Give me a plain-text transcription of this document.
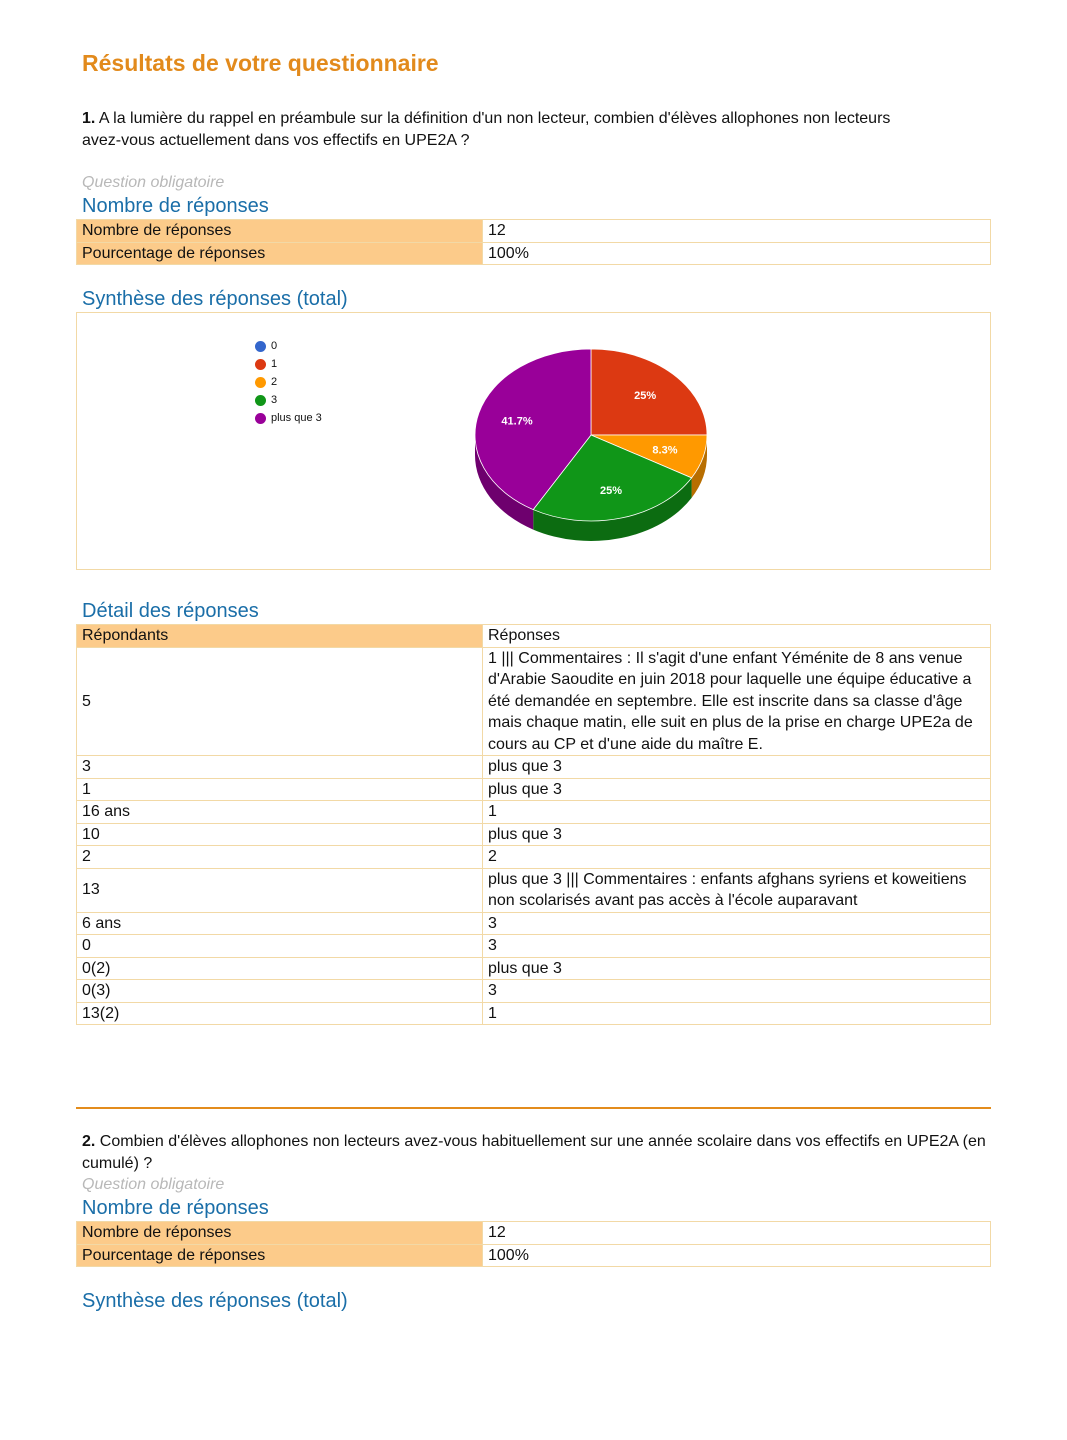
Résultats de votre questionnaire
1. A la lumière du rappel en préambule sur la définition d'un non lecteur, combien d'élèves allophones non lecteurs
avez-vous actuellement dans vos effectifs en UPE2A ?
Question obligatoire
Nombre de réponses
Nombre de réponses	12
Pourcentage de réponses	100%
Synthèse des réponses (total)
0
1
2
3
plus que 3
25%
8.3%
25%
41.7%
Détail des réponses
Répondants	Réponses
5	1 ||| Commentaires : Il s'agit d'une enfant Yéménite de 8 ans venue d'Arabie Saoudite en juin 2018 pour laquelle une équipe éducative a été demandée en septembre. Elle est inscrite dans sa classe d'âge mais chaque matin, elle suit en plus de la prise en charge UPE2a de cours au CP et d'une aide du maître E.
3	plus que 3
1	plus que 3
16 ans	1
10	plus que 3
2	2
13	plus que 3 ||| Commentaires : enfants afghans syriens et koweitiens non scolarisés avant pas accès à l'école auparavant
6 ans	3
0	3
0(2)	plus que 3
0(3)	3
13(2)	1
2. Combien d'élèves allophones non lecteurs avez-vous habituellement sur une année scolaire dans vos effectifs en UPE2A (en cumulé) ?
Question obligatoire
Nombre de réponses
Nombre de réponses	12
Pourcentage de réponses	100%
Synthèse des réponses (total)
